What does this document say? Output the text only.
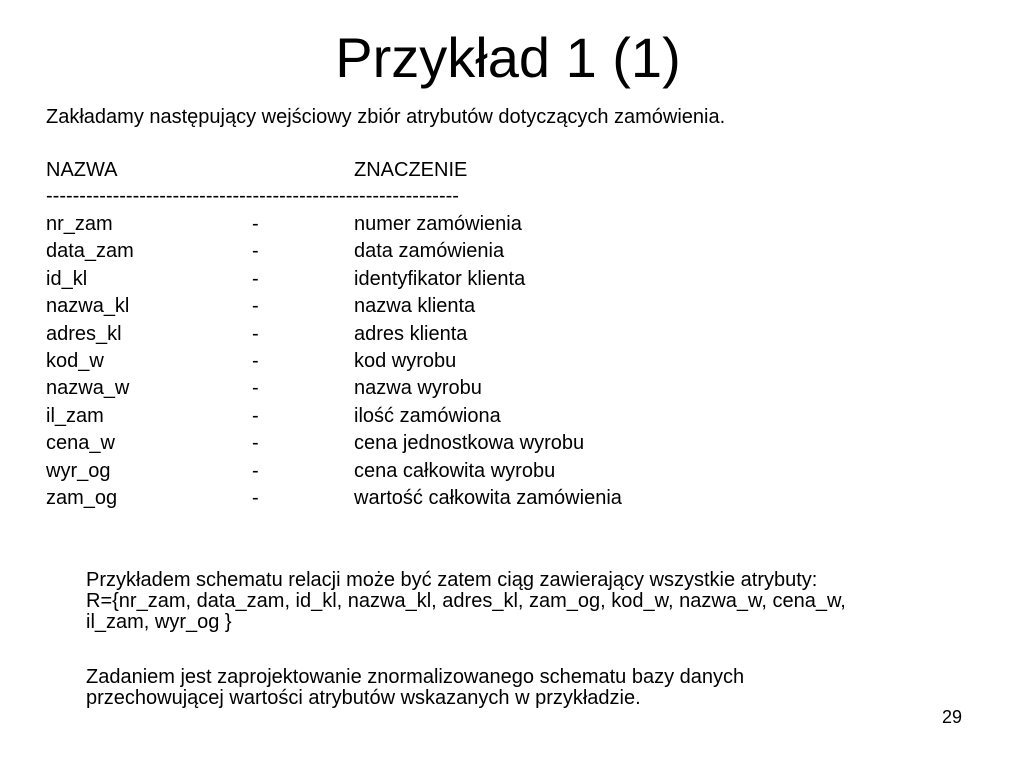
Przykład 1 (1)
Zakładamy następujący wejściowy zbiór atrybutów dotyczących zamówienia.
NAZWA	ZNACZENIE
--------------------------------------------------------------
nr_zam	-	numer zamówienia
data_zam	-	data zamówienia
id_kl	-	identyfikator klienta
nazwa_kl	-	nazwa klienta
adres_kl	-	adres klienta
kod_w	-	kod wyrobu
nazwa_w	-	nazwa wyrobu
il_zam	-	ilość zamówiona
cena_w	-	cena jednostkowa wyrobu
wyr_og	-	cena całkowita wyrobu
zam_og	-	wartość całkowita zamówienia
Przykładem schematu relacji może być zatem ciąg zawierający wszystkie atrybuty:
R={nr_zam, data_zam, id_kl, nazwa_kl, adres_kl, zam_og, kod_w, nazwa_w, cena_w,
il_zam, wyr_og }
Zadaniem jest zaprojektowanie znormalizowanego schematu bazy danych
przechowującej wartości atrybutów wskazanych w przykładzie.
29
